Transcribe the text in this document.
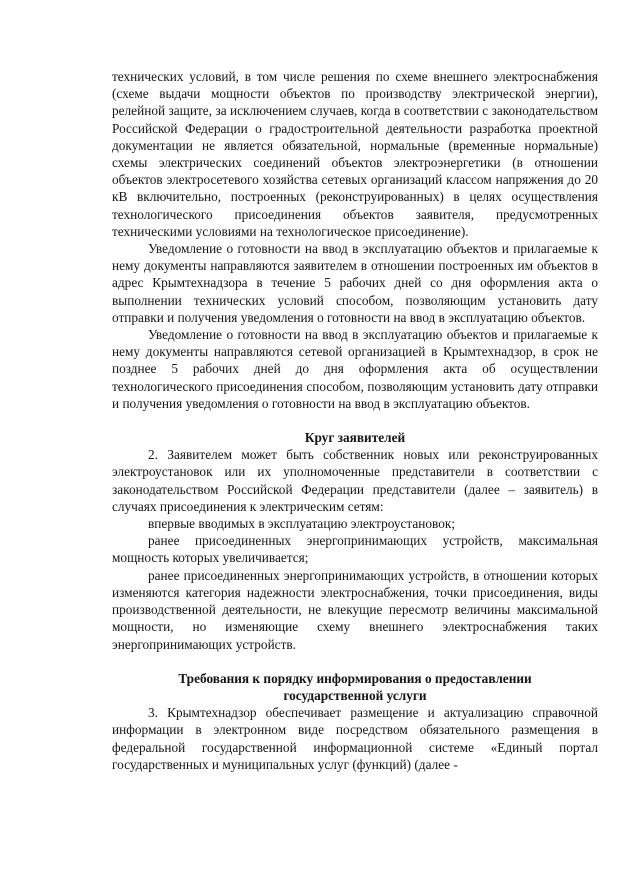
технических условий, в том числе решения по схеме внешнего электроснабжения (схеме выдачи мощности объектов по производству электрической энергии), релейной защите, за исключением случаев, когда в соответствии с законодательством Российской Федерации о градостроительной деятельности разработка проектной документации не является обязательной, нормальные (временные нормальные) схемы электрических соединений объектов электроэнергетики (в отношении объектов электросетевого хозяйства сетевых организаций классом напряжения до 20 кВ включительно, построенных (реконструированных) в целях осуществления технологического присоединения объектов заявителя, предусмотренных техническими условиями на технологическое присоединение).

Уведомление о готовности на ввод в эксплуатацию объектов и прилагаемые к нему документы направляются заявителем в отношении построенных им объектов в адрес Крымтехнадзора в течение 5 рабочих дней со дня оформления акта о выполнении технических условий способом, позволяющим установить дату отправки и получения уведомления о готовности на ввод в эксплуатацию объектов.

Уведомление о готовности на ввод в эксплуатацию объектов и прилагаемые к нему документы направляются сетевой организацией в Крымтехнадзор, в срок не позднее 5 рабочих дней до дня оформления акта об осуществлении технологического присоединения способом, позволяющим установить дату отправки и получения уведомления о готовности на ввод в эксплуатацию объектов.

Круг заявителей

2. Заявителем может быть собственник новых или реконструированных электроустановок или их уполномоченные представители в соответствии с законодательством Российской Федерации представители (далее – заявитель) в случаях присоединения к электрическим сетям:

впервые вводимых в эксплуатацию электроустановок;

ранее присоединенных энергопринимающих устройств, максимальная мощность которых увеличивается;

ранее присоединенных энергопринимающих устройств, в отношении которых изменяются категория надежности электроснабжения, точки присоединения, виды производственной деятельности, не влекущие пересмотр величины максимальной мощности, но изменяющие схему внешнего электроснабжения таких энергопринимающих устройств.

Требования к порядку информирования о предоставлении
государственной услуги

3. Крымтехнадзор обеспечивает размещение и актуализацию справочной информации в электронном виде посредством обязательного размещения в федеральной государственной информационной системе «Единый портал государственных и муниципальных услуг (функций) (далее -
